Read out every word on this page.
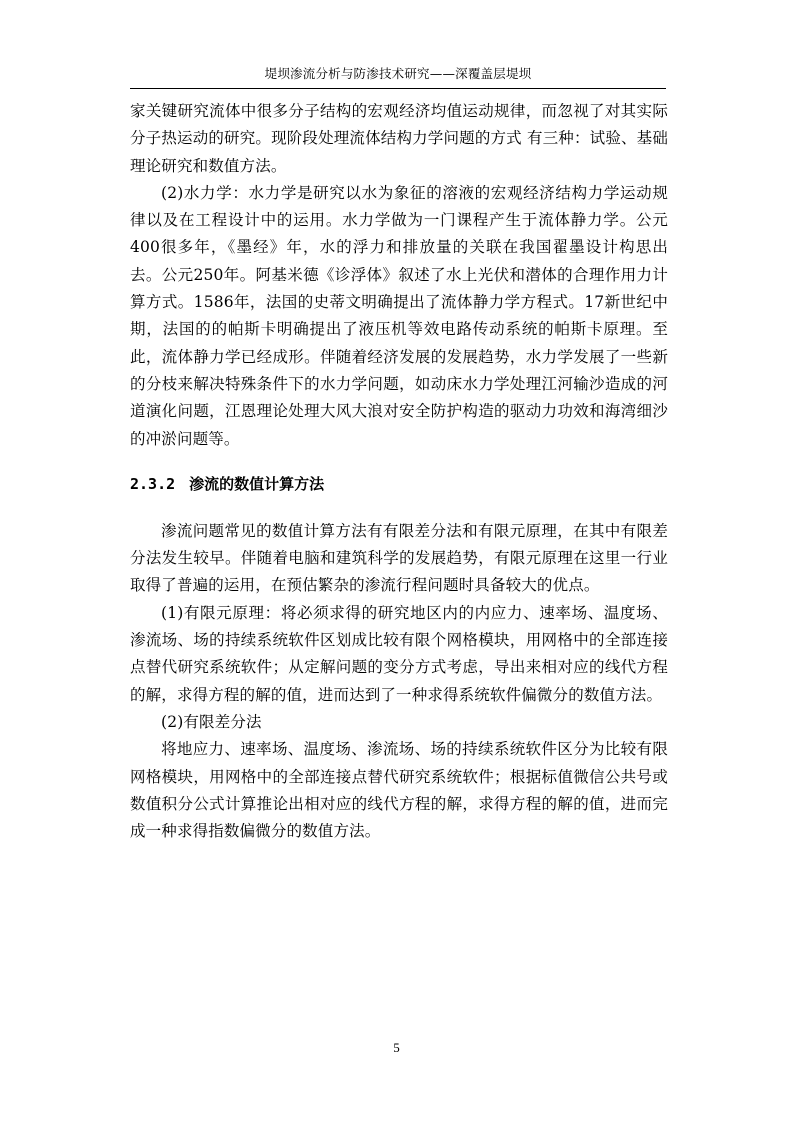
堤坝渗流分析与防渗技术研究——深覆盖层堤坝

家关键研究流体中很多分子结构的宏观经济均值运动规律，而忽视了对其实际分子热运动的研究。现阶段处理流体结构力学问题的方式 有三种：试验、基础理论研究和数值方法。

(2)水力学：水力学是研究以水为象征的溶液的宏观经济结构力学运动规律以及在工程设计中的运用。水力学做为一门课程产生于流体静力学。公元400很多年，《墨经》年，水的浮力和排放量的关联在我国翟墨设计构思出去。公元250年。阿基米德《诊浮体》叙述了水上光伏和潜体的合理作用力计算方式。1586年，法国的史蒂文明确提出了流体静力学方程式。17新世纪中期，法国的的帕斯卡明确提出了液压机等效电路传动系统的帕斯卡原理。至此，流体静力学已经成形。伴随着经济发展的发展趋势，水力学发展了一些新的分枝来解决特殊条件下的水力学问题，如动床水力学处理江河输沙造成的河道演化问题，江恩理论处理大风大浪对安全防护构造的驱动力功效和海湾细沙的冲淤问题等。

2.3.2 渗流的数值计算方法

渗流问题常见的数值计算方法有有限差分法和有限元原理，在其中有限差分法发生较早。伴随着电脑和建筑科学的发展趋势，有限元原理在这里一行业取得了普遍的运用，在预估繁杂的渗流行程问题时具备较大的优点。

(1)有限元原理：将必须求得的研究地区内的内应力、速率场、温度场、渗流场、场的持续系统软件区划成比较有限个网格模块，用网格中的全部连接点替代研究系统软件；从定解问题的变分方式考虑，导出来相对应的线代方程的解，求得方程的解的值，进而达到了一种求得系统软件偏微分的数值方法。

(2)有限差分法

将地应力、速率场、温度场、渗流场、场的持续系统软件区分为比较有限网格模块，用网格中的全部连接点替代研究系统软件；根据标值微信公共号或数值积分公式计算推论出相对应的线代方程的解，求得方程的解的值，进而完成一种求得指数偏微分的数值方法。

5
